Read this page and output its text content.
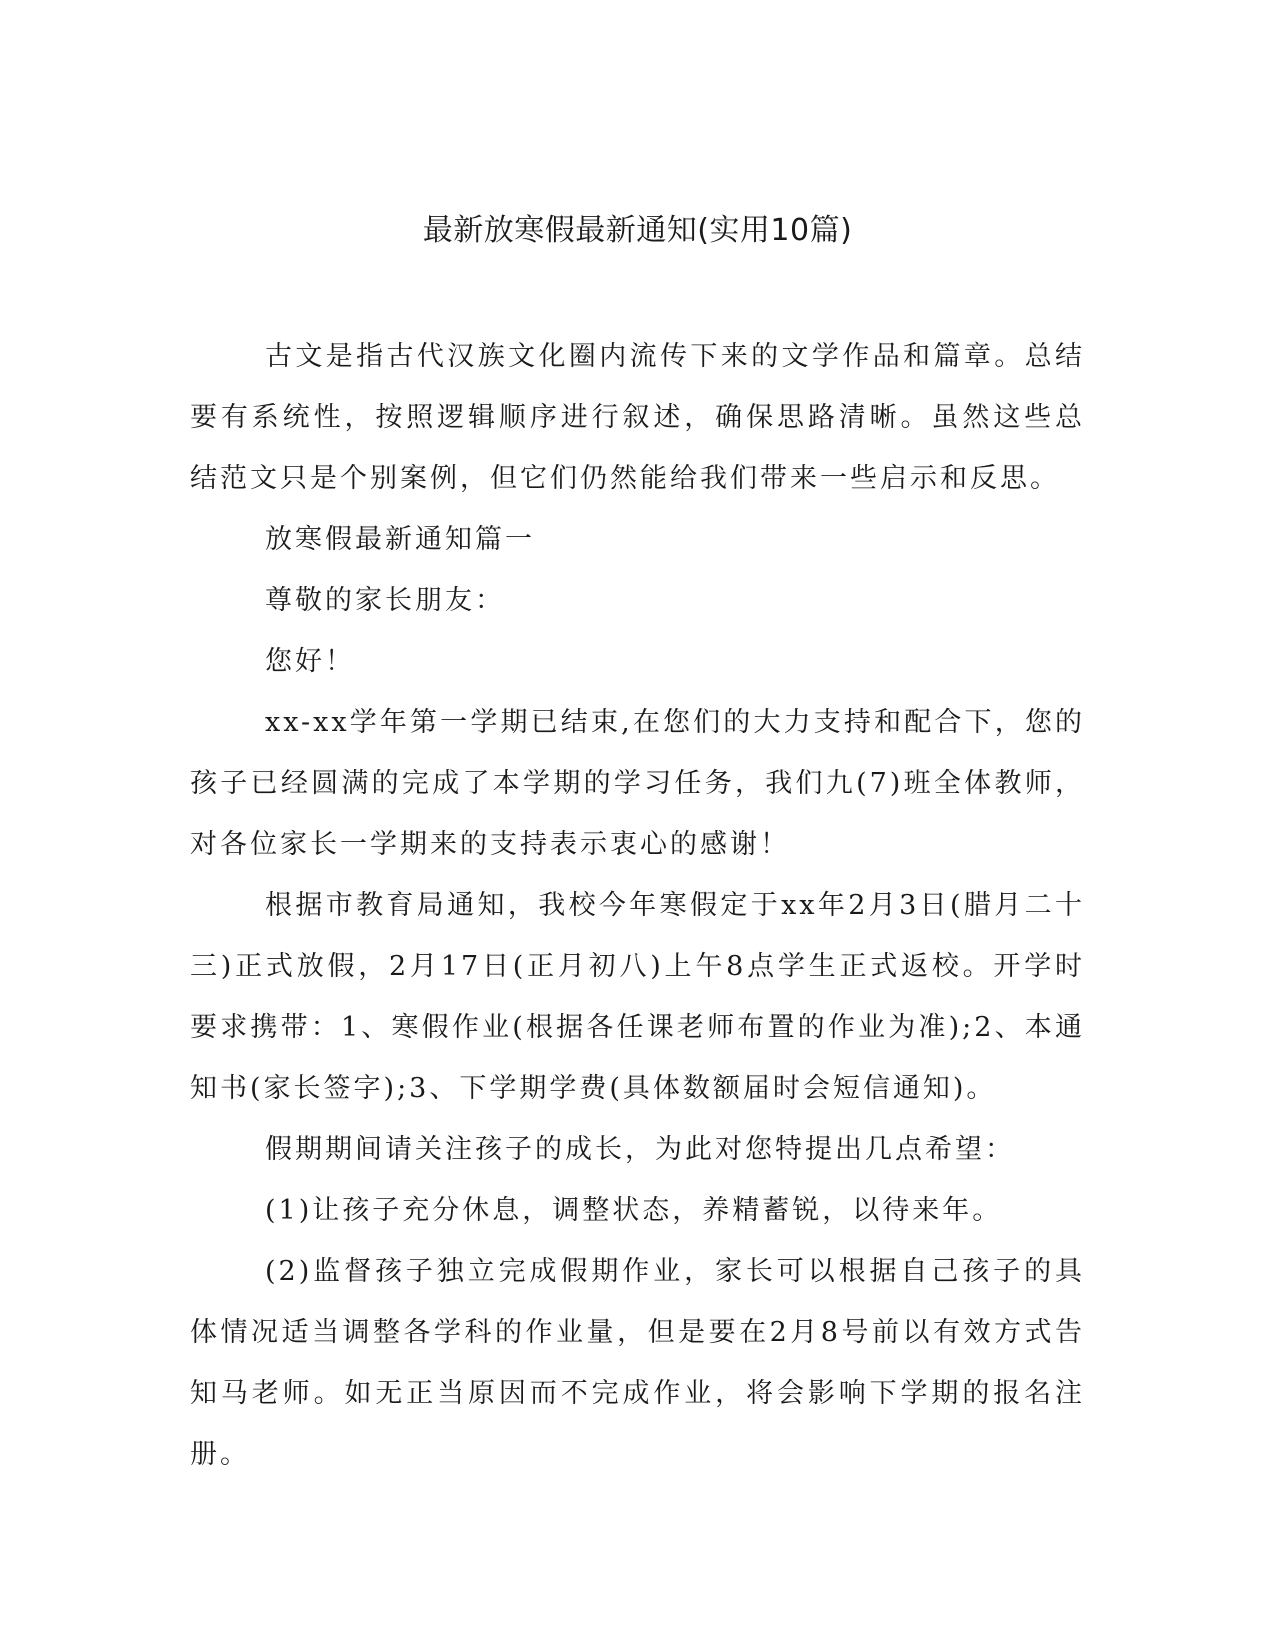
最新放寒假最新通知(实用10篇)

古文是指古代汉族文化圈内流传下来的文学作品和篇章。总结要有系统性，按照逻辑顺序进行叙述，确保思路清晰。虽然这些总结范文只是个别案例，但它们仍然能给我们带来一些启示和反思。

放寒假最新通知篇一

尊敬的家长朋友：

您好！

xx-xx学年第一学期已结束,在您们的大力支持和配合下，您的孩子已经圆满的完成了本学期的学习任务，我们九(7)班全体教师，对各位家长一学期来的支持表示衷心的感谢！

根据市教育局通知，我校今年寒假定于xx年2月3日(腊月二十三)正式放假，2月17日(正月初八)上午8点学生正式返校。开学时要求携带：1、寒假作业(根据各任课老师布置的作业为准);2、本通知书(家长签字);3、下学期学费(具体数额届时会短信通知)。

假期期间请关注孩子的成长，为此对您特提出几点希望：

(1)让孩子充分休息，调整状态，养精蓄锐，以待来年。

(2)监督孩子独立完成假期作业，家长可以根据自己孩子的具体情况适当调整各学科的作业量，但是要在2月8号前以有效方式告知马老师。如无正当原因而不完成作业，将会影响下学期的报名注册。
